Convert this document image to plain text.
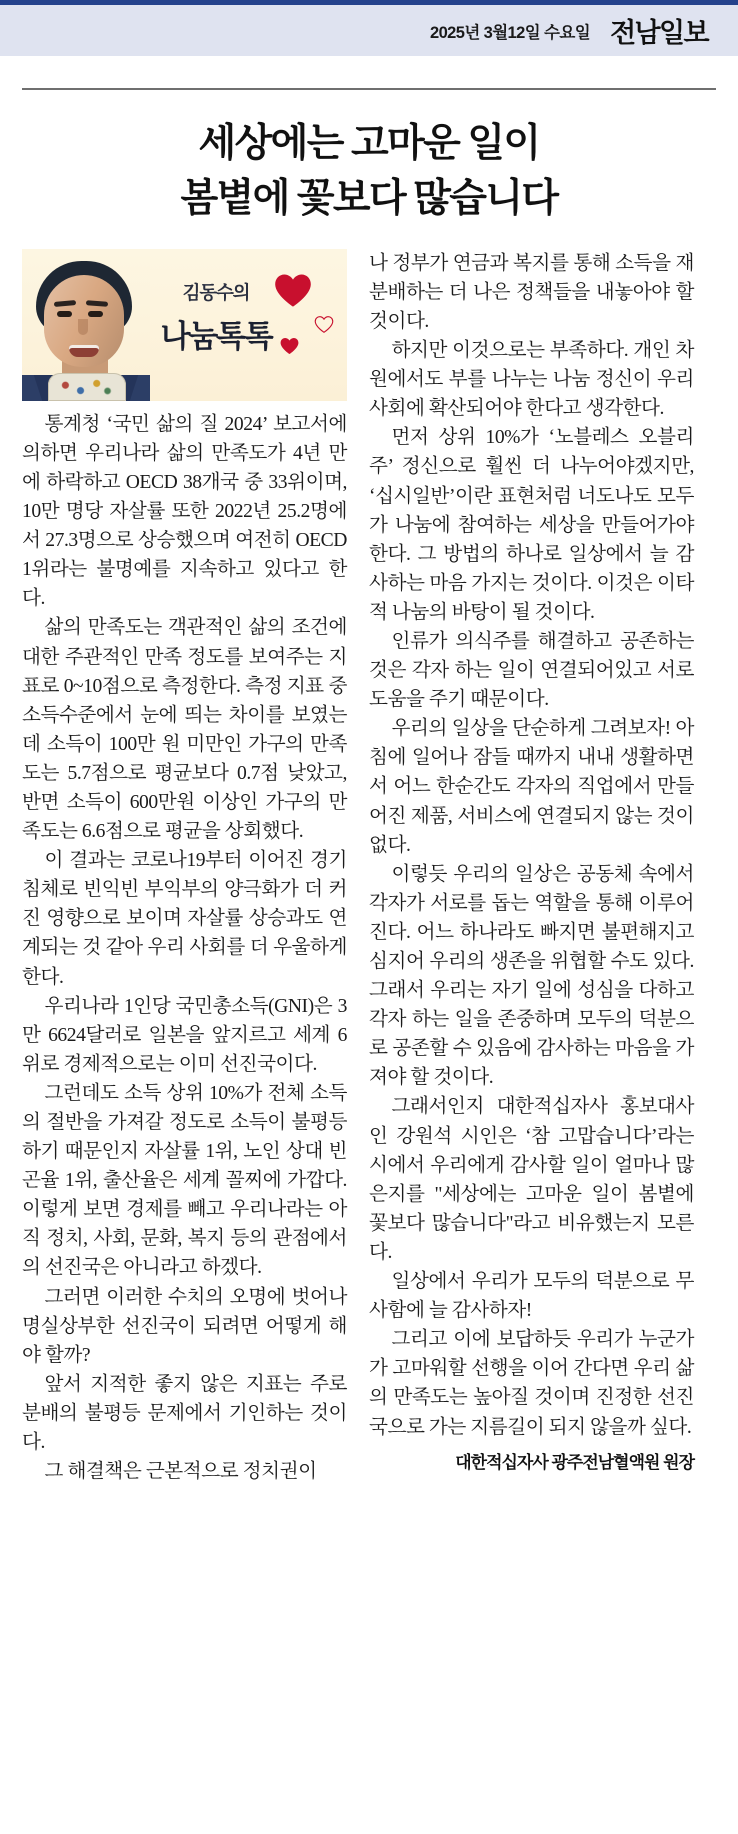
2025년 3월12일 수요일 전남일보
세상에는 고마운 일이
봄볕에 꽃보다 많습니다
김동수의
나눔톡톡

통계청 ‘국민 삶의 질 2024’ 보고서에 의하면 우리나라 삶의 만족도가 4년 만에 하락하고 OECD 38개국 중 33위이며, 10만 명당 자살률 또한 2022년 25.2명에서 27.3명으로 상승했으며 여전히 OECD 1위라는 불명예를 지속하고 있다고 한다.

삶의 만족도는 객관적인 삶의 조건에 대한 주관적인 만족 정도를 보여주는 지표로 0~10점으로 측정한다. 측정 지표 중 소득수준에서 눈에 띄는 차이를 보였는데 소득이 100만 원 미만인 가구의 만족도는 5.7점으로 평균보다 0.7점 낮았고, 반면 소득이 600만원 이상인 가구의 만족도는 6.6점으로 평균을 상회했다.

이 결과는 코로나19부터 이어진 경기침체로 빈익빈 부익부의 양극화가 더 커진 영향으로 보이며 자살률 상승과도 연계되는 것 같아 우리 사회를 더 우울하게 한다.

우리나라 1인당 국민총소득(GNI)은 3만 6624달러로 일본을 앞지르고 세계 6위로 경제적으로는 이미 선진국이다.

그런데도 소득 상위 10%가 전체 소득의 절반을 가져갈 정도로 소득이 불평등하기 때문인지 자살률 1위, 노인 상대 빈곤율 1위, 출산율은 세계 꼴찌에 가깝다. 이렇게 보면 경제를 빼고 우리나라는 아직 정치, 사회, 문화, 복지 등의 관점에서의 선진국은 아니라고 하겠다.

그러면 이러한 수치의 오명에 벗어나 명실상부한 선진국이 되려면 어떻게 해야 할까?

앞서 지적한 좋지 않은 지표는 주로 분배의 불평등 문제에서 기인하는 것이다.

그 해결책은 근본적으로 정치권이

나 정부가 연금과 복지를 통해 소득을 재분배하는 더 나은 정책들을 내놓아야 할 것이다.

하지만 이것으로는 부족하다. 개인 차원에서도 부를 나누는 나눔 정신이 우리 사회에 확산되어야 한다고 생각한다.

먼저 상위 10%가 ‘노블레스 오블리주’ 정신으로 훨씬 더 나누어야겠지만, ‘십시일반’이란 표현처럼 너도나도 모두가 나눔에 참여하는 세상을 만들어가야 한다. 그 방법의 하나로 일상에서 늘 감사하는 마음 가지는 것이다. 이것은 이타적 나눔의 바탕이 될 것이다.

인류가 의식주를 해결하고 공존하는 것은 각자 하는 일이 연결되어있고 서로 도움을 주기 때문이다.

우리의 일상을 단순하게 그려보자! 아침에 일어나 잠들 때까지 내내 생활하면서 어느 한순간도 각자의 직업에서 만들어진 제품, 서비스에 연결되지 않는 것이 없다.

이렇듯 우리의 일상은 공동체 속에서 각자가 서로를 돕는 역할을 통해 이루어진다. 어느 하나라도 빠지면 불편해지고 심지어 우리의 생존을 위협할 수도 있다. 그래서 우리는 자기 일에 성심을 다하고 각자 하는 일을 존중하며 모두의 덕분으로 공존할 수 있음에 감사하는 마음을 가져야 할 것이다.

그래서인지 대한적십자사 홍보대사인 강원석 시인은 ‘참 고맙습니다’라는 시에서 우리에게 감사할 일이 얼마나 많은지를 "세상에는 고마운 일이 봄볕에 꽃보다 많습니다"라고 비유했는지 모른다.

일상에서 우리가 모두의 덕분으로 무사함에 늘 감사하자!

그리고 이에 보답하듯 우리가 누군가가 고마워할 선행을 이어 간다면 우리 삶의 만족도는 높아질 것이며 진정한 선진국으로 가는 지름길이 되지 않을까 싶다.

대한적십자사 광주전남혈액원 원장
